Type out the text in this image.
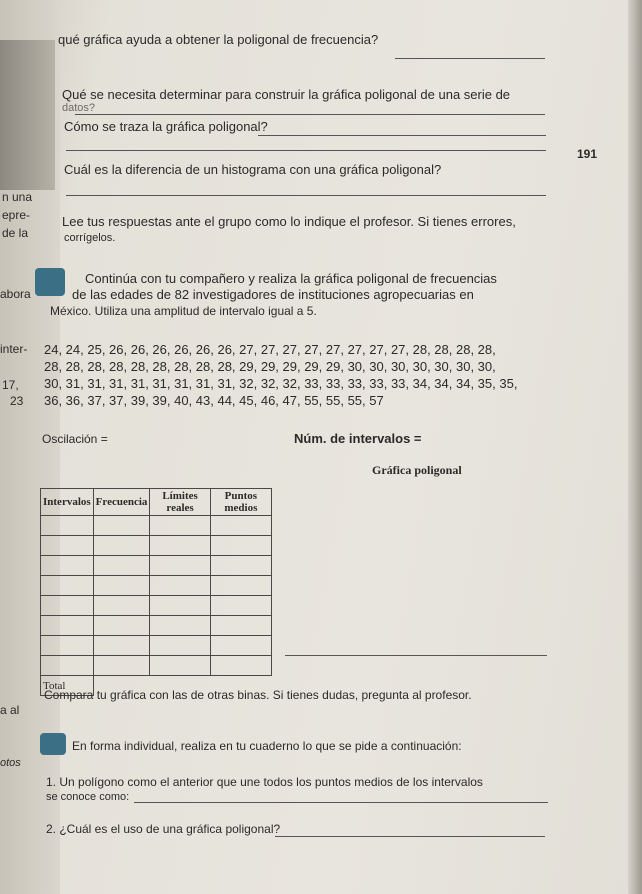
n una
epre-
de la
abora
inter-
17,
23
a al
otos
qué gráfica ayuda a obtener la poligonal de frecuencia?
Qué se necesita determinar para construir la gráfica poligonal de una serie de
datos?
Cómo se traza la gráfica poligonal?
191
Cuál es la diferencia de un histograma con una gráfica poligonal?
Lee tus respuestas ante el grupo como lo indique el profesor. Si tienes errores,
corrígelos.
Continúa con tu compañero y realiza la gráfica poligonal de frecuencias
de las edades de 82 investigadores de instituciones agropecuarias en
México. Utiliza una amplitud de intervalo igual a 5.
24, 24, 25, 26, 26, 26, 26, 26, 26, 27, 27, 27, 27, 27, 27, 27, 27, 28, 28, 28, 28,
28, 28, 28, 28, 28, 28, 28, 28, 28, 29, 29, 29, 29, 29, 30, 30, 30, 30, 30, 30, 30,
30, 31, 31, 31, 31, 31, 31, 31, 31, 32, 32, 32, 33, 33, 33, 33, 33, 34, 34, 34, 35, 35,
36, 36, 37, 37, 39, 39, 40, 43, 44, 45, 46, 47, 55, 55, 55, 57
Oscilación =	Núm. de intervalos =
Intervalos	Frecuencia	Límites reales	Puntos medios

Total			
Gráfica poligonal
Compara tu gráfica con las de otras binas. Si tienes dudas, pregunta al profesor.
En forma individual, realiza en tu cuaderno lo que se pide a continuación:
1. Un polígono como el anterior que une todos los puntos medios de los intervalos
se conoce como:
2. ¿Cuál es el uso de una gráfica poligonal?
